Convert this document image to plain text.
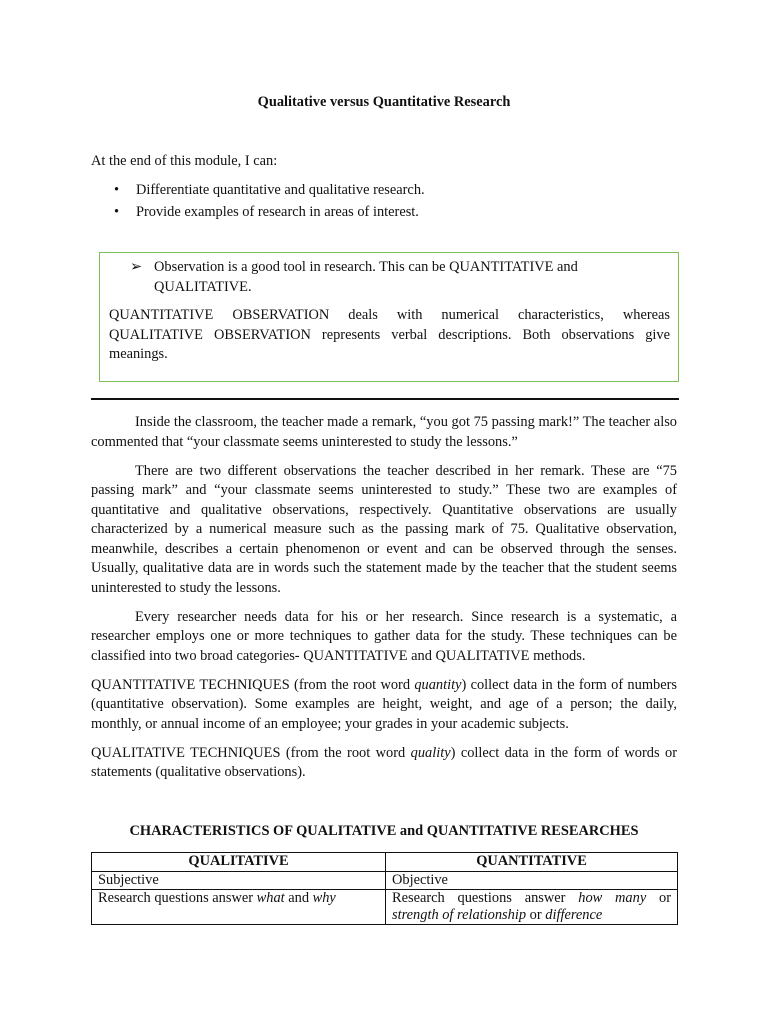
Qualitative versus Quantitative Research
At the end of this module, I can:
• Differentiate quantitative and qualitative research.
• Provide examples of research in areas of interest.
➢ Observation is a good tool in research. This can be QUANTITATIVE and QUALITATIVE.
QUANTITATIVE OBSERVATION deals with numerical characteristics, whereas QUALITATIVE OBSERVATION represents verbal descriptions. Both observations give meanings.

Inside the classroom, the teacher made a remark, “you got 75 passing mark!” The teacher also commented that “your classmate seems uninterested to study the lessons.”

There are two different observations the teacher described in her remark. These are “75 passing mark” and “your classmate seems uninterested to study.” These two are examples of quantitative and qualitative observations, respectively. Quantitative observations are usually characterized by a numerical measure such as the passing mark of 75. Qualitative observation, meanwhile, describes a certain phenomenon or event and can be observed through the senses. Usually, qualitative data are in words such the statement made by the teacher that the student seems uninterested to study the lessons.

Every researcher needs data for his or her research. Since research is a systematic, a researcher employs one or more techniques to gather data for the study. These techniques can be classified into two broad categories- QUANTITATIVE and QUALITATIVE methods.

QUANTITATIVE TECHNIQUES (from the root word quantity) collect data in the form of numbers (quantitative observation). Some examples are height, weight, and age of a person; the daily, monthly, or annual income of an employee; your grades in your academic subjects.

QUALITATIVE TECHNIQUES (from the root word quality) collect data in the form of words or statements (qualitative observations).

CHARACTERISTICS OF QUALITATIVE and QUANTITATIVE RESEARCHES
QUALITATIVE	QUANTITATIVE
Subjective	Objective
Research questions answer what and why	Research questions answer how many or strength of relationship or difference
